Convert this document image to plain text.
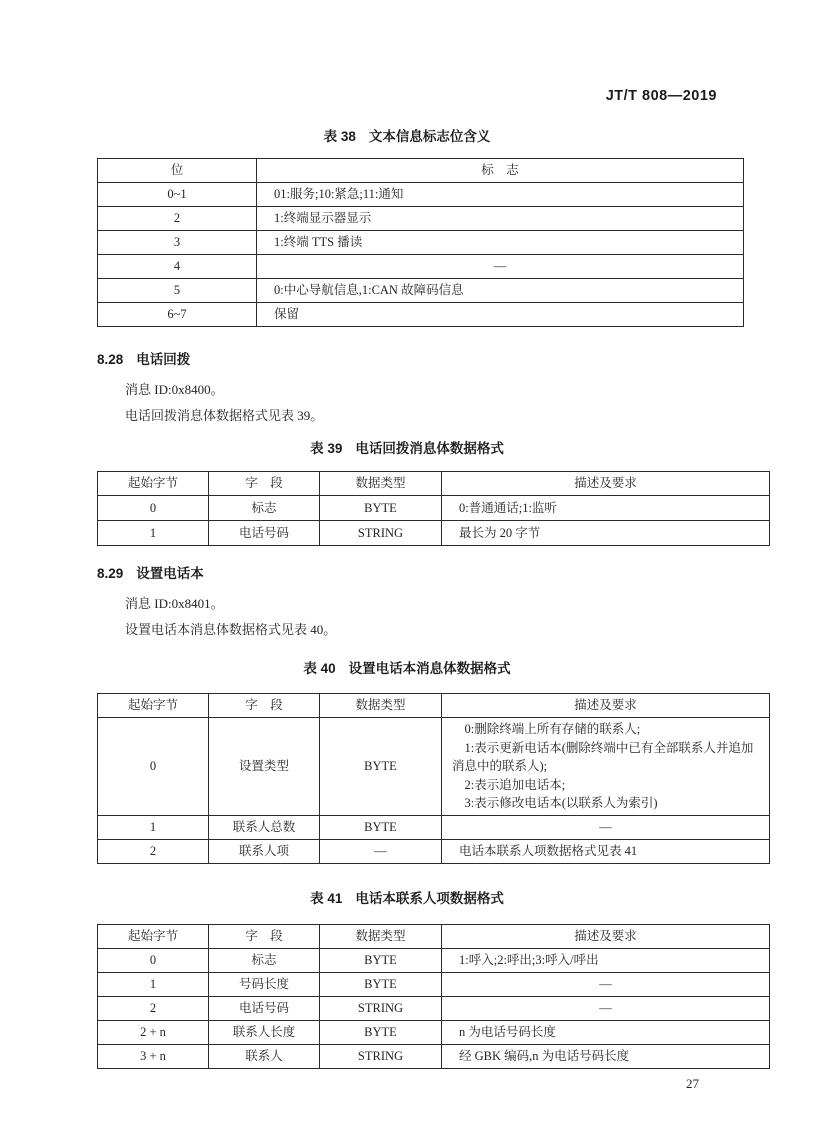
JT/T 808—2019
表 38 文本信息标志位含义
位	标　志
0~1	01:服务;10:紧急;11:通知
2	1:终端显示器显示
3	1:终端 TTS 播读
4	—
5	0:中心导航信息,1:CAN 故障码信息
6~7	保留
8.28 电话回拨

消息 ID:0x8400。

电话回拨消息体数据格式见表 39。

表 39 电话回拨消息体数据格式
起始字节	字　段	数据类型	描述及要求
0	标志	BYTE	0:普通通话;1:监听
1	电话号码	STRING	最长为 20 字节
8.29 设置电话本

消息 ID:0x8401。

设置电话本消息体数据格式见表 40。

表 40 设置电话本消息体数据格式
起始字节	字　段	数据类型	描述及要求
0	设置类型	BYTE	0:删除终端上所有存储的联系人;
1:表示更新电话本(删除终端中已有全部联系人并追加消息中的联系人);
2:表示追加电话本;
3:表示修改电话本(以联系人为索引)

1	联系人总数	BYTE	—
2	联系人项	—	电话本联系人项数据格式见表 41
表 41 电话本联系人项数据格式
起始字节	字　段	数据类型	描述及要求
0	标志	BYTE	1:呼入;2:呼出;3:呼入/呼出
1	号码长度	BYTE	—
2	电话号码	STRING	—
2 + n	联系人长度	BYTE	n 为电话号码长度
3 + n	联系人	STRING	经 GBK 编码,n 为电话号码长度
27
